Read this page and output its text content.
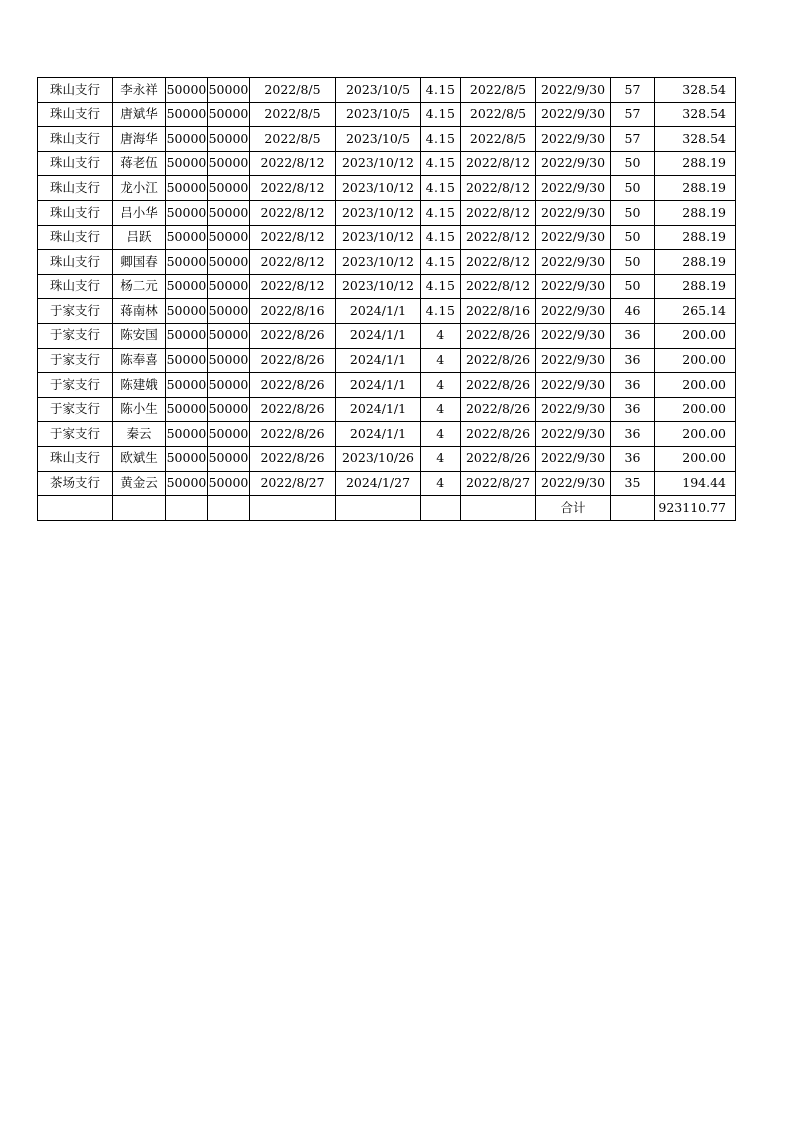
珠山支行	李永祥	50000	50000	2022/8/5	2023/10/5	4.15	2022/8/5	2022/9/30	57	328.54
珠山支行	唐斌华	50000	50000	2022/8/5	2023/10/5	4.15	2022/8/5	2022/9/30	57	328.54
珠山支行	唐海华	50000	50000	2022/8/5	2023/10/5	4.15	2022/8/5	2022/9/30	57	328.54
珠山支行	蒋老伍	50000	50000	2022/8/12	2023/10/12	4.15	2022/8/12	2022/9/30	50	288.19
珠山支行	龙小江	50000	50000	2022/8/12	2023/10/12	4.15	2022/8/12	2022/9/30	50	288.19
珠山支行	吕小华	50000	50000	2022/8/12	2023/10/12	4.15	2022/8/12	2022/9/30	50	288.19
珠山支行	吕跃	50000	50000	2022/8/12	2023/10/12	4.15	2022/8/12	2022/9/30	50	288.19
珠山支行	卿国春	50000	50000	2022/8/12	2023/10/12	4.15	2022/8/12	2022/9/30	50	288.19
珠山支行	杨二元	50000	50000	2022/8/12	2023/10/12	4.15	2022/8/12	2022/9/30	50	288.19
于家支行	蒋南林	50000	50000	2022/8/16	2024/1/1	4.15	2022/8/16	2022/9/30	46	265.14
于家支行	陈安国	50000	50000	2022/8/26	2024/1/1	4	2022/8/26	2022/9/30	36	200.00
于家支行	陈奉喜	50000	50000	2022/8/26	2024/1/1	4	2022/8/26	2022/9/30	36	200.00
于家支行	陈建娥	50000	50000	2022/8/26	2024/1/1	4	2022/8/26	2022/9/30	36	200.00
于家支行	陈小生	50000	50000	2022/8/26	2024/1/1	4	2022/8/26	2022/9/30	36	200.00
于家支行	秦云	50000	50000	2022/8/26	2024/1/1	4	2022/8/26	2022/9/30	36	200.00
珠山支行	欧斌生	50000	50000	2022/8/26	2023/10/26	4	2022/8/26	2022/9/30	36	200.00
茶场支行	黄金云	50000	50000	2022/8/27	2024/1/27	4	2022/8/27	2022/9/30	35	194.44
								合计		923110.77
